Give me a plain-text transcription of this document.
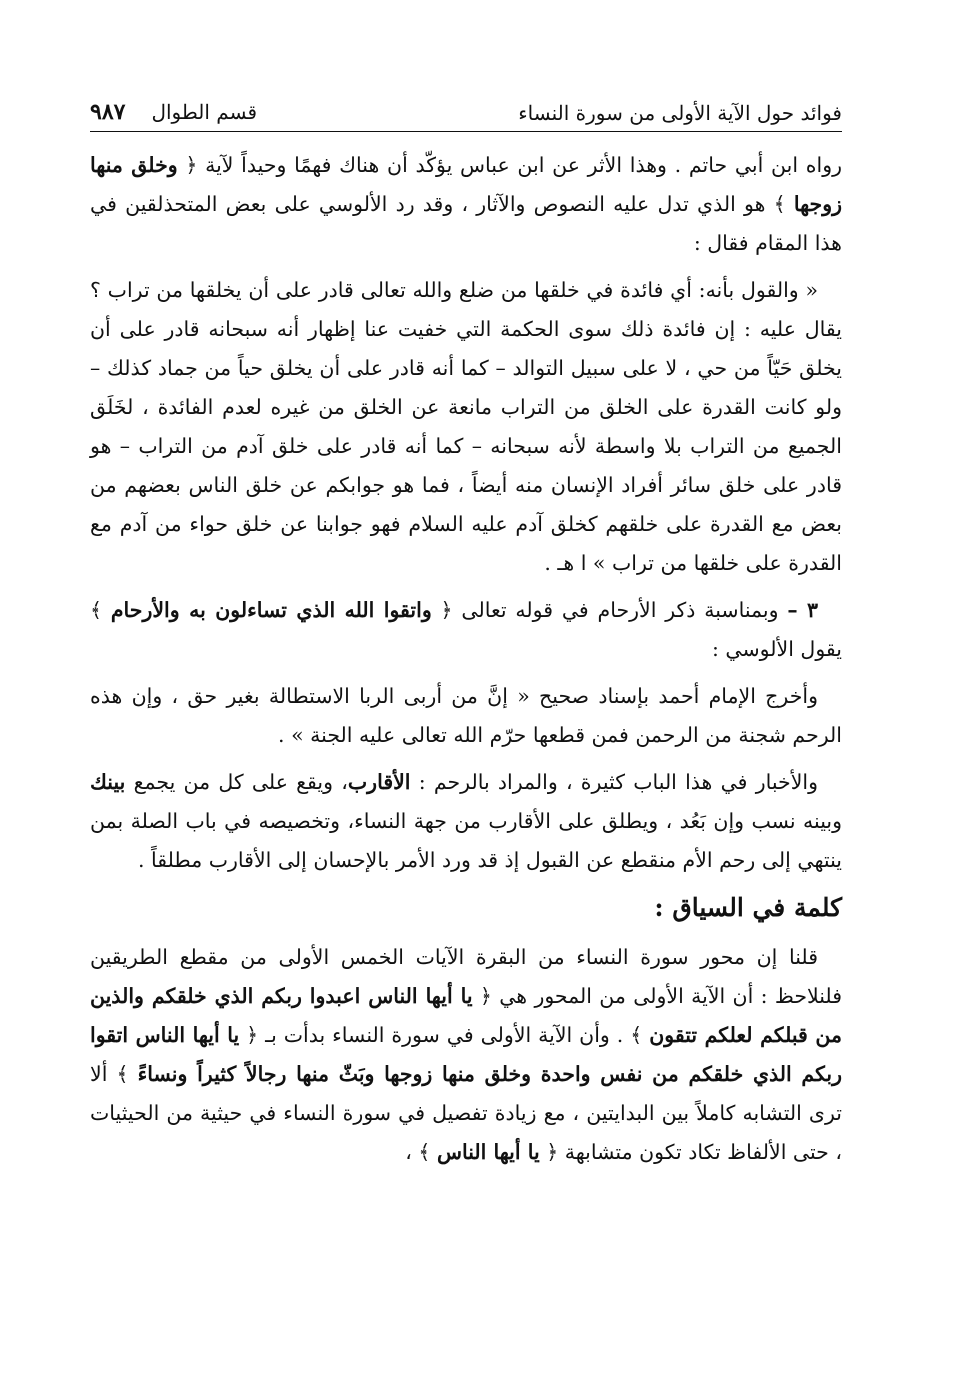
فوائد حول الآية الأولى من سورة النساء
قسم الطوال
٩٨٧

رواه ابن أبي حاتم . وهذا الأثر عن ابن عباس يؤكّد أن هناك فهمًا وحيداً لآية ﴿ وخلق منها زوجها ﴾ هو الذي تدل عليه النصوص والآثار ، وقد رد الألوسي على بعض المتحذلقين في هذا المقام فقال :

« والقول بأنه: أي فائدة في خلقها من ضلع والله تعالى قادر على أن يخلقها من تراب ؟ يقال عليه : إن فائدة ذلك سوى الحكمة التي خفيت عنا إظهار أنه سبحانه قادر على أن يخلق حَيّاً من حي ، لا على سبيل التوالد – كما أنه قادر على أن يخلق حياً من جماد كذلك – ولو كانت القدرة على الخلق من التراب مانعة عن الخلق من غيره لعدم الفائدة ، لخَلَق الجميع من التراب بلا واسطة لأنه سبحانه – كما أنه قادر على خلق آدم من التراب – هو قادر على خلق سائر أفراد الإنسان منه أيضاً ، فما هو جوابكم عن خلق الناس بعضهم من بعض مع القدرة على خلقهم كخلق آدم عليه السلام فهو جوابنا عن خلق حواء من آدم مع القدرة على خلقها من تراب » ا هـ .

٣ – وبمناسبة ذكر الأرحام في قوله تعالى ﴿ واتقوا الله الذي تساءلون به والأرحام ﴾ يقول الألوسي :

وأخرج الإمام أحمد بإسناد صحيح « إنَّ من أربى الربا الاستطالة بغير حق ، وإن هذه الرحم شجنة من الرحمن فمن قطعها حرّم الله تعالى عليه الجنة » .

والأخبار في هذا الباب كثيرة ، والمراد بالرحم : الأقارب، ويقع على كل من يجمع بينك وبينه نسب وإن بَعُد ، ويطلق على الأقارب من جهة النساء، وتخصيصه في باب الصلة بمن ينتهي إلى رحم الأم منقطع عن القبول إذ قد ورد الأمر بالإحسان إلى الأقارب مطلقاً .

كلمة في السياق :

قلنا إن محور سورة النساء من البقرة الآيات الخمس الأولى من مقطع الطريقين فلنلاحظ : أن الآية الأولى من المحور هي ﴿ يا أيها الناس اعبدوا ربكم الذي خلقكم والذين من قبلكم لعلكم تتقون ﴾ . وأن الآية الأولى في سورة النساء بدأت بـ ﴿ يا أيها الناس اتقوا ربكم الذي خلقكم من نفس واحدة وخلق منها زوجها وبَثّ منها رجالاً كثيراً ونساءً ﴾ ألا ترى التشابه كاملاً بين البدايتين ، مع زيادة تفصيل في سورة النساء في حيثية من الحيثيات ، حتى الألفاظ تكاد تكون متشابهة ﴿ يا أيها الناس ﴾ ،
